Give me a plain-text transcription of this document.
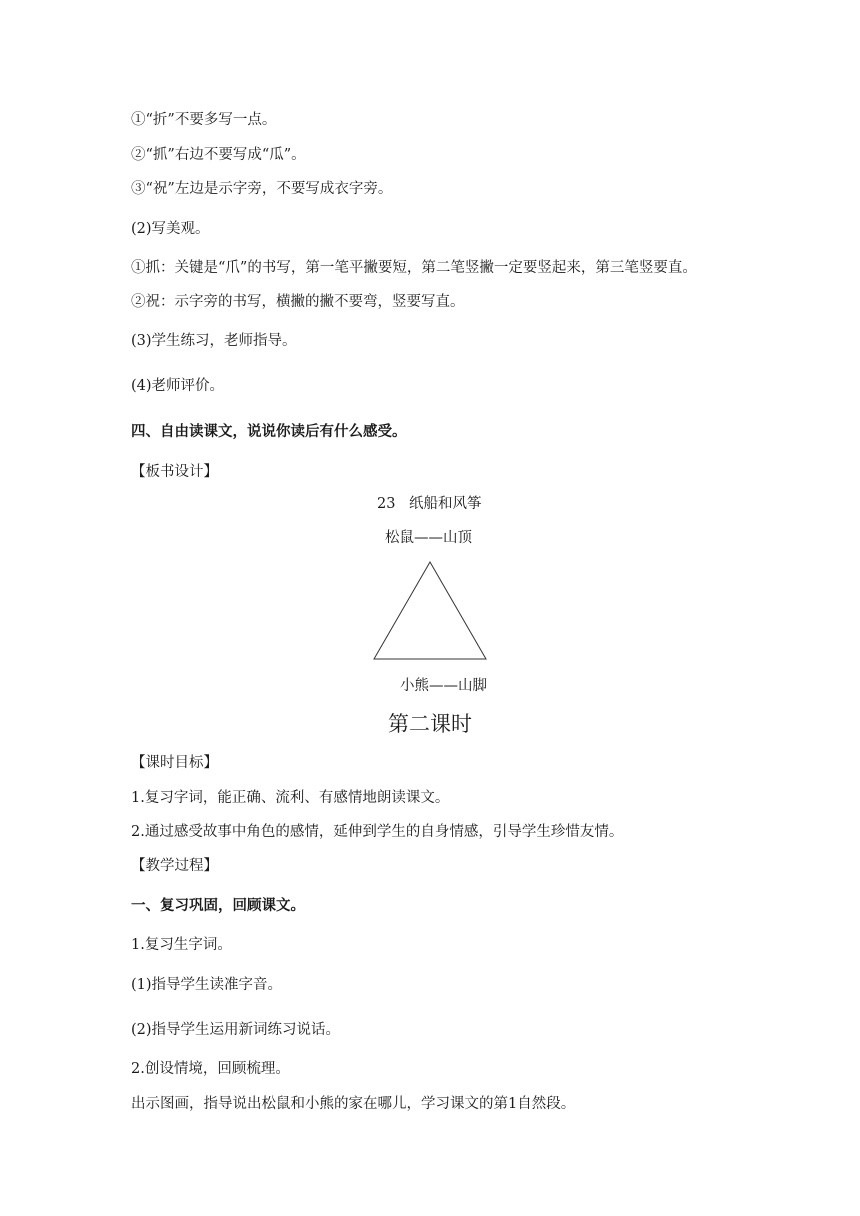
①“折”不要多写一点。
②“抓”右边不要写成“瓜”。
③“祝”左边是示字旁，不要写成衣字旁。
(2)写美观。
①抓：关键是“爪”的书写，第一笔平撇要短，第二笔竖撇一定要竖起来，第三笔竖要直。
②祝：示字旁的书写，横撇的撇不要弯，竖要写直。
(3)学生练习，老师指导。
(4)老师评价。
四、自由读课文，说说你读后有什么感受。
【板书设计】
23 纸船和风筝
松鼠——山顶
小熊——山脚
第二课时
【课时目标】
1.复习字词，能正确、流利、有感情地朗读课文。
2.通过感受故事中角色的感情，延伸到学生的自身情感，引导学生珍惜友情。
【教学过程】
一、复习巩固，回顾课文。
1.复习生字词。
(1)指导学生读准字音。
(2)指导学生运用新词练习说话。
2.创设情境，回顾梳理。
出示图画，指导说出松鼠和小熊的家在哪儿，学习课文的第1自然段。
